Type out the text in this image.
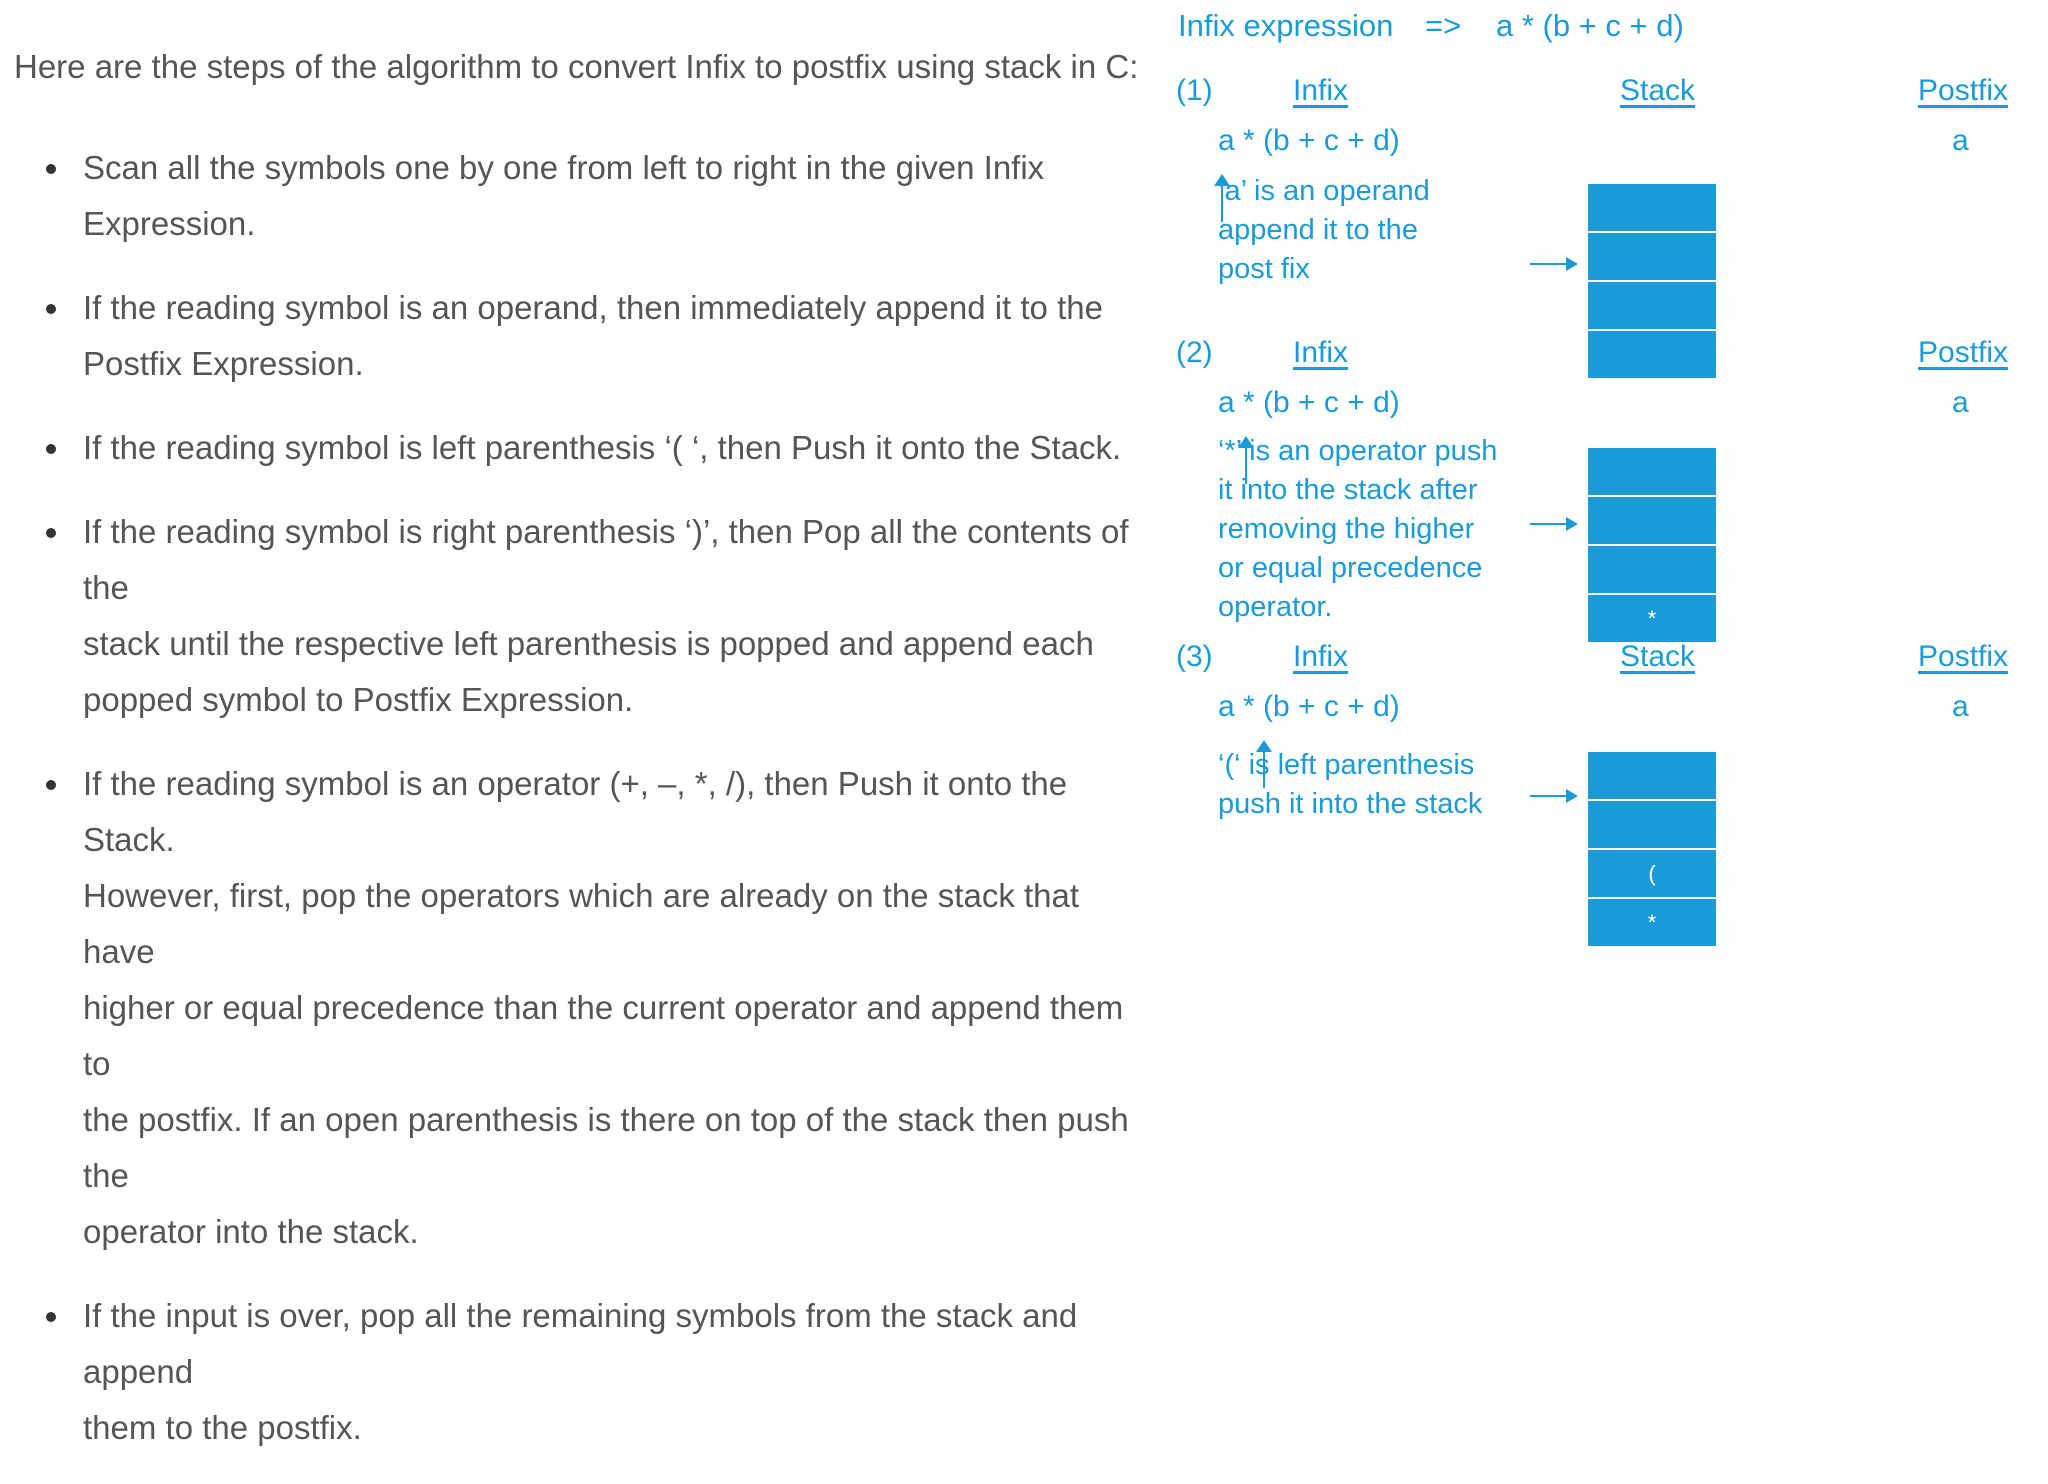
Here are the steps of the algorithm to convert Infix to postfix using stack in C:
Scan all the symbols one by one from left to right in the given Infix
Expression.
If the reading symbol is an operand, then immediately append it to the
Postfix Expression.
If the reading symbol is left parenthesis ‘( ‘, then Push it onto the Stack.
If the reading symbol is right parenthesis ‘)’, then Pop all the contents of the
stack until the respective left parenthesis is popped and append each
popped symbol to Postfix Expression.
If the reading symbol is an operator (+, –, *, /), then Push it onto the Stack.
However, first, pop the operators which are already on the stack that have
higher or equal precedence than the current operator and append them to
the postfix. If an open parenthesis is there on top of the stack then push the
operator into the stack.
If the input is over, pop all the remaining symbols from the stack and append
them to the postfix.
Infix expression => a * (b + c + d)
(1)	Infix	Stack	Postfix
a * (b + c + d)	a
‘a’ is an operand
append it to the
post fix
(2)	Infix	Stack	Postfix
a * (b + c + d)	a
‘*’ is an operator push
it into the stack after
removing the higher
or equal precedence
operator.	*
(3)	Infix	Stack	Postfix
a * (b + c + d)	a
‘(‘ is left parenthesis
push it into the stack
(
*
